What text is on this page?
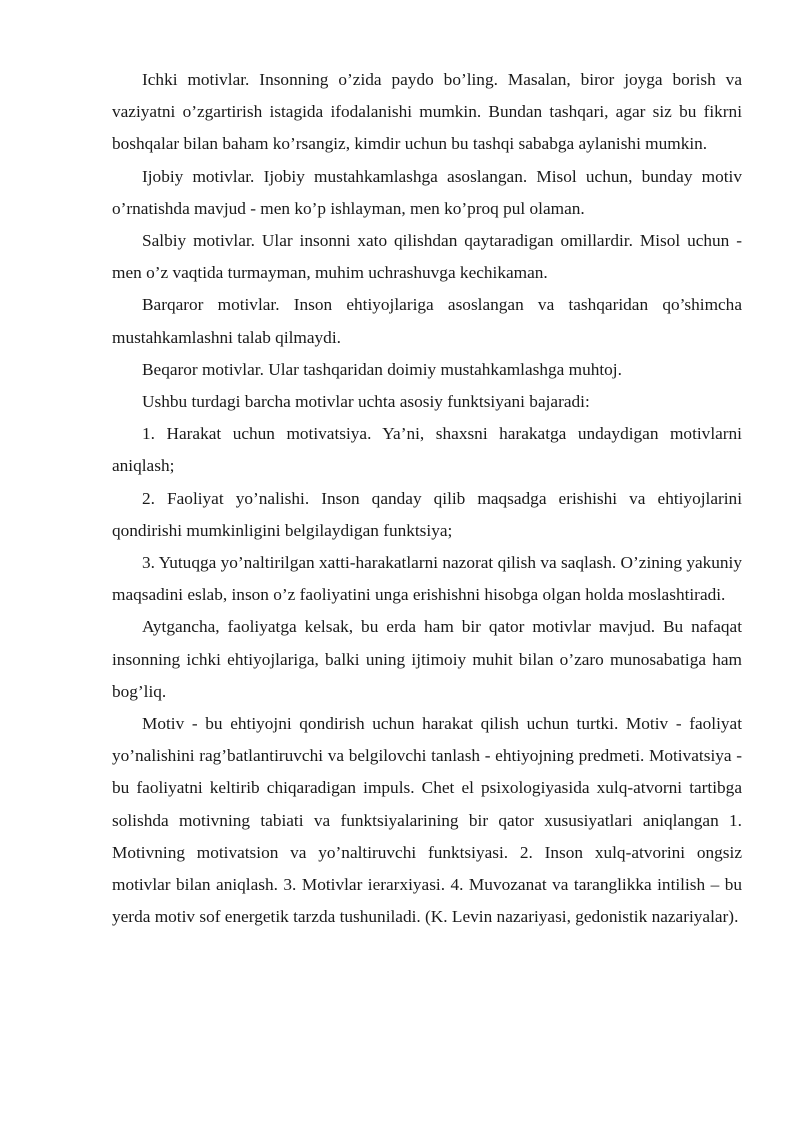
Ichki motivlar. Insonning o’zida paydo bo’ling. Masalan, biror joyga borish va vaziyatni o’zgartirish istagida ifodalanishi mumkin. Bundan tashqari, agar siz bu fikrni boshqalar bilan baham ko’rsangiz, kimdir uchun bu tashqi sababga aylanishi mumkin.

Ijobiy motivlar. Ijobiy mustahkamlashga asoslangan. Misol uchun, bunday motiv o’rnatishda mavjud - men ko’p ishlayman, men ko’proq pul olaman.

Salbiy motivlar. Ular insonni xato qilishdan qaytaradigan omillardir. Misol uchun - men o’z vaqtida turmayman, muhim uchrashuvga kechikaman.

Barqaror motivlar. Inson ehtiyojlariga asoslangan va tashqaridan qo’shimcha mustahkamlashni talab qilmaydi.

Beqaror motivlar. Ular tashqaridan doimiy mustahkamlashga muhtoj.

Ushbu turdagi barcha motivlar uchta asosiy funktsiyani bajaradi:

1. Harakat uchun motivatsiya. Ya’ni, shaxsni harakatga undaydigan motivlarni aniqlash;

2. Faoliyat yo’nalishi. Inson qanday qilib maqsadga erishishi va ehtiyojlarini qondirishi mumkinligini belgilaydigan funktsiya;

3. Yutuqga yo’naltirilgan xatti-harakatlarni nazorat qilish va saqlash. O’zining yakuniy maqsadini eslab, inson o’z faoliyatini unga erishishni hisobga olgan holda moslashtiradi.

Aytgancha, faoliyatga kelsak, bu erda ham bir qator motivlar mavjud. Bu nafaqat insonning ichki ehtiyojlariga, balki uning ijtimoiy muhit bilan o’zaro munosabatiga ham bog’liq.

Motiv - bu ehtiyojni qondirish uchun harakat qilish uchun turtki. Motiv - faoliyat yo’nalishini rag’batlantiruvchi va belgilovchi tanlash - ehtiyojning predmeti. Motivatsiya - bu faoliyatni keltirib chiqaradigan impuls. Chet el psixologiyasida xulq-atvorni tartibga solishda motivning tabiati va funktsiyalarining bir qator xususiyatlari aniqlangan 1. Motivning motivatsion va yo’naltiruvchi funktsiyasi. 2. Inson xulq-atvorini ongsiz motivlar bilan aniqlash. 3. Motivlar ierarxiyasi. 4. Muvozanat va taranglikka intilish – bu yerda motiv sof energetik tarzda tushuniladi. (K. Levin nazariyasi, gedonistik nazariyalar).
